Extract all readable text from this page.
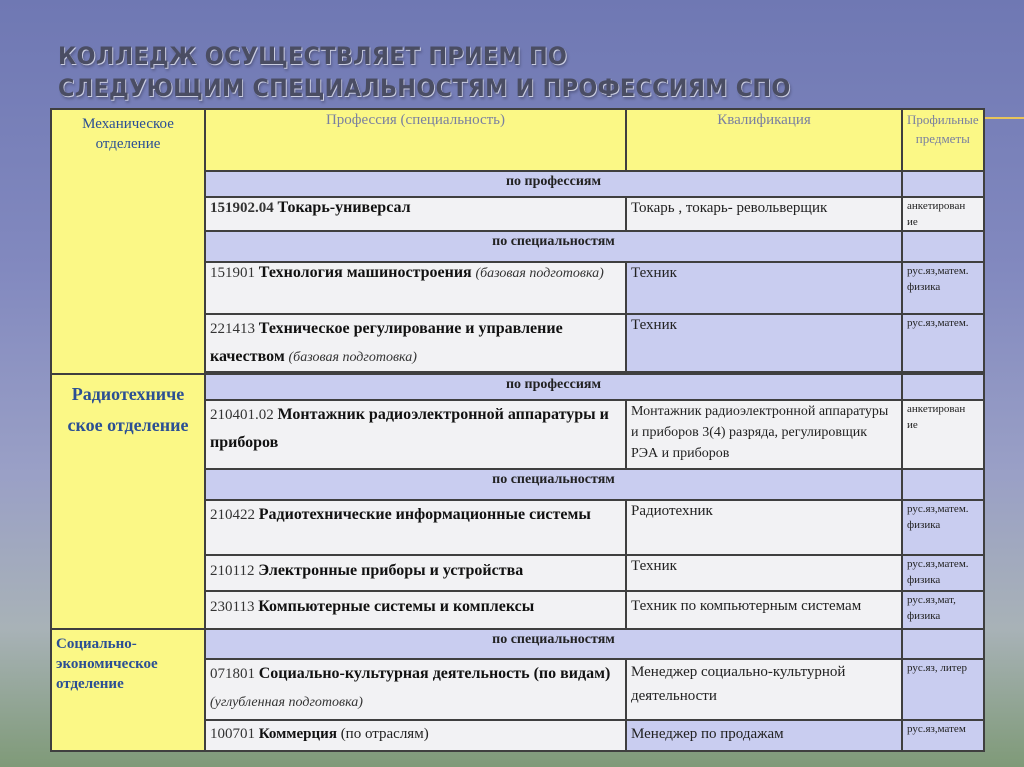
КОЛЛЕДЖ ОСУЩЕСТВЛЯЕТ ПРИЕМ ПО
СЛЕДУЮЩИМ СПЕЦИАЛЬНОСТЯМ И ПРОФЕССИЯМ СПО
Механическое отделение	Профессия (специальность)	Квалификация	Профильные предметы
	по профессиям		
	151902.04 Токарь-универсал	Токарь , токарь- револьверщик	анкетирован ие
	по специальностям		
	151901 Технология машиностроения (базовая подготовка)	Техник	рус.яз,матем. физика
	221413 Техническое регулирование и управление качеством (базовая подготовка)	Техник	рус.яз,матем.

Радиотехниче ское отделение	по профессиям		
	210401.02 Монтажник радиоэлектронной аппаратуры и приборов	Монтажник радиоэлектронной аппаратуры и приборов 3(4) разряда, регулировщик РЭА и приборов	анкетирован ие
	по специальностям		
	210422 Радиотехнические информационные системы	Радиотехник	рус.яз,матем. физика
	210112 Электронные приборы и устройства	Техник	рус.яз,матем. физика
	230113 Компьютерные системы и комплексы	Техник по компьютерным системам	рус.яз,мат, физика
Социально-экономическое отделение	по специальностям		
	071801 Социально-культурная деятельность (по видам) (углубленная подготовка)	Менеджер социально-культурной деятельности	рус.яз, литер
	100701 Коммерция (по отраслям)	Менеджер по продажам	рус.яз,матем
